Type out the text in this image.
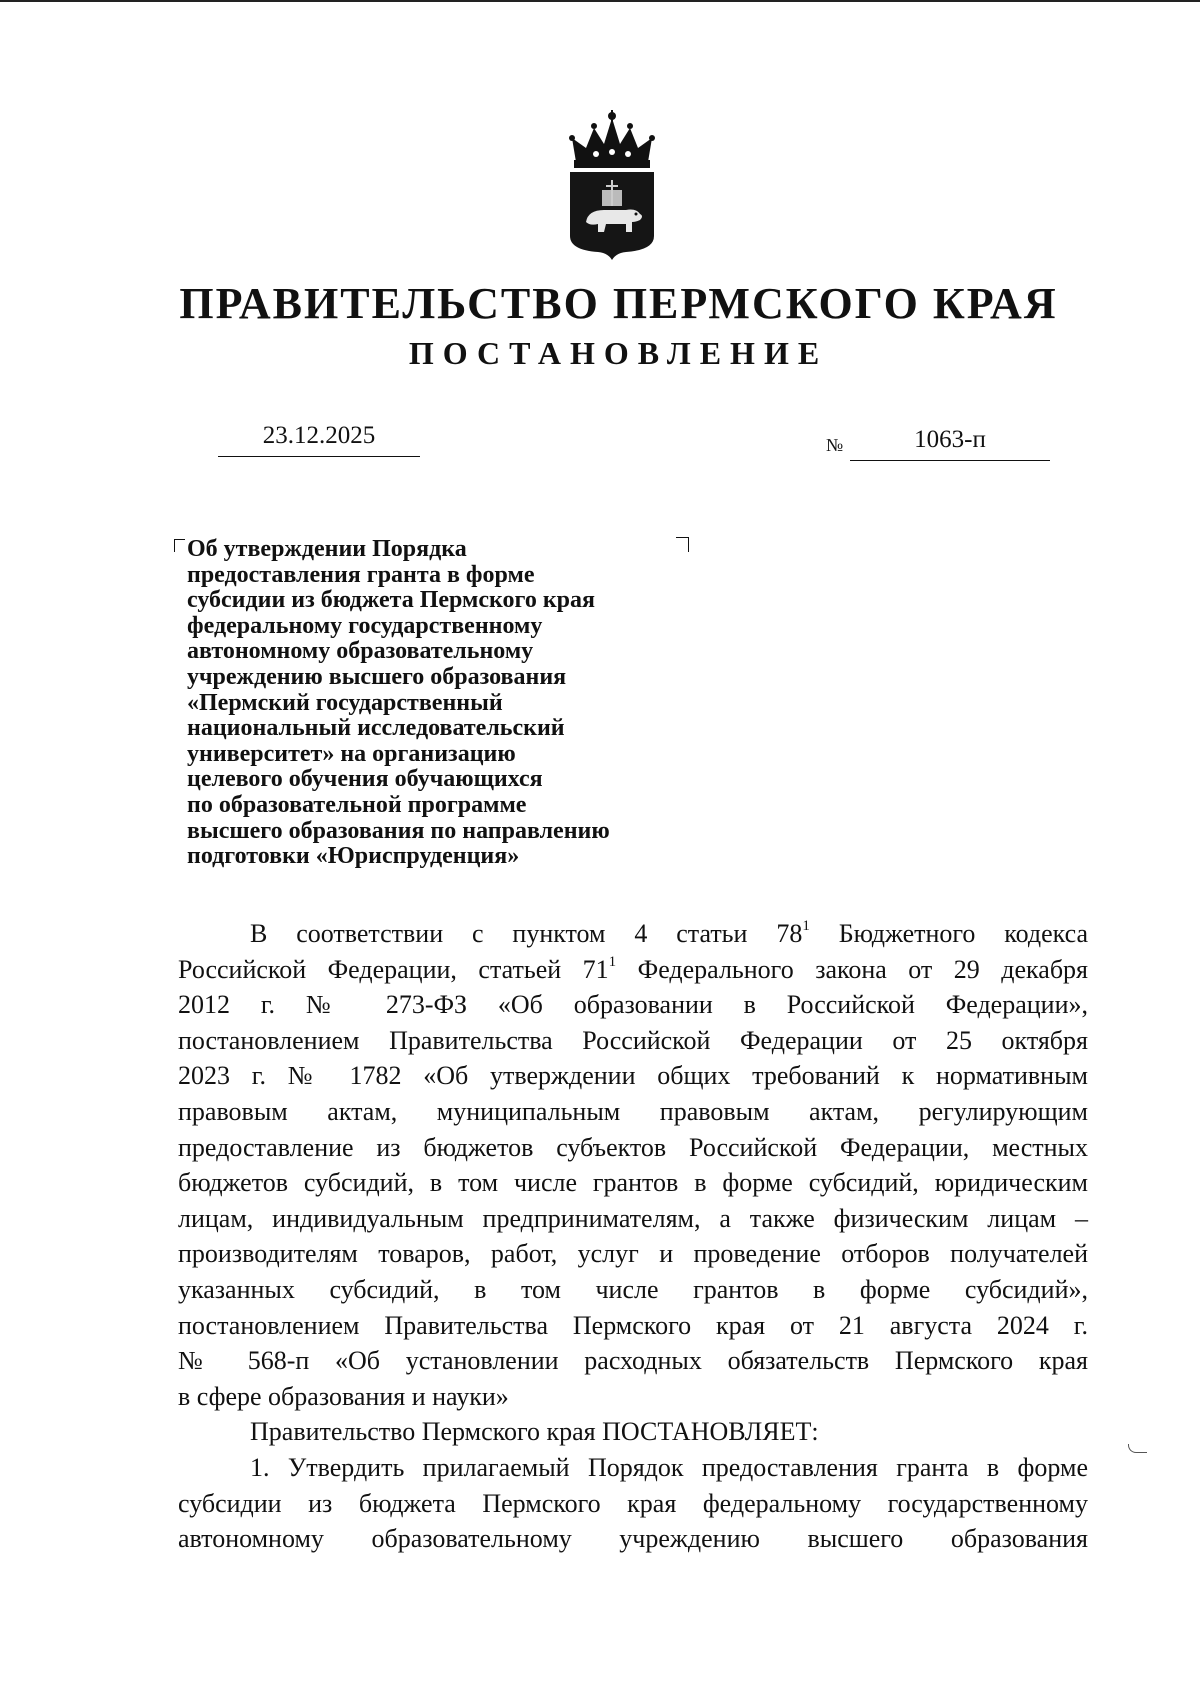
ПРАВИТЕЛЬСТВО ПЕРМСКОГО КРАЯ
ПОСТАНОВЛЕНИЕ
23.12.2025	№	1063-п
Об утверждении Порядка
предоставления гранта в форме
субсидии из бюджета Пермского края
федеральному государственному
автономному образовательному
учреждению высшего образования
«Пермский государственный
национальный исследовательский
университет» на организацию
целевого обучения обучающихся
по образовательной программе
высшего образования по направлению
подготовки «Юриспруденция»
В соответствии с пунктом 4 статьи $78^1$ Бюджетного кодекса
Российской Федерации, статьей $71^1$ Федерального закона от 29 декабря
2012 г. № 273-ФЗ «Об образовании в Российской Федерации»,
постановлением Правительства Российской Федерации от 25 октября
2023 г. № 1782 «Об утверждении общих требований к нормативным
правовым актам, муниципальным правовым актам, регулирующим
предоставление из бюджетов субъектов Российской Федерации, местных
бюджетов субсидий, в том числе грантов в форме субсидий, юридическим
лицам, индивидуальным предпринимателям, а также физическим лицам –
производителям товаров, работ, услуг и проведение отборов получателей
указанных субсидий, в том числе грантов в форме субсидий»,
постановлением Правительства Пермского края от 21 августа 2024 г.
№ 568-п «Об установлении расходных обязательств Пермского края
в сфере образования и науки»
Правительство Пермского края ПОСТАНОВЛЯЕТ:
1. Утвердить прилагаемый Порядок предоставления гранта в форме
субсидии из бюджета Пермского края федеральному государственному
автономному образовательному учреждению высшего образования
